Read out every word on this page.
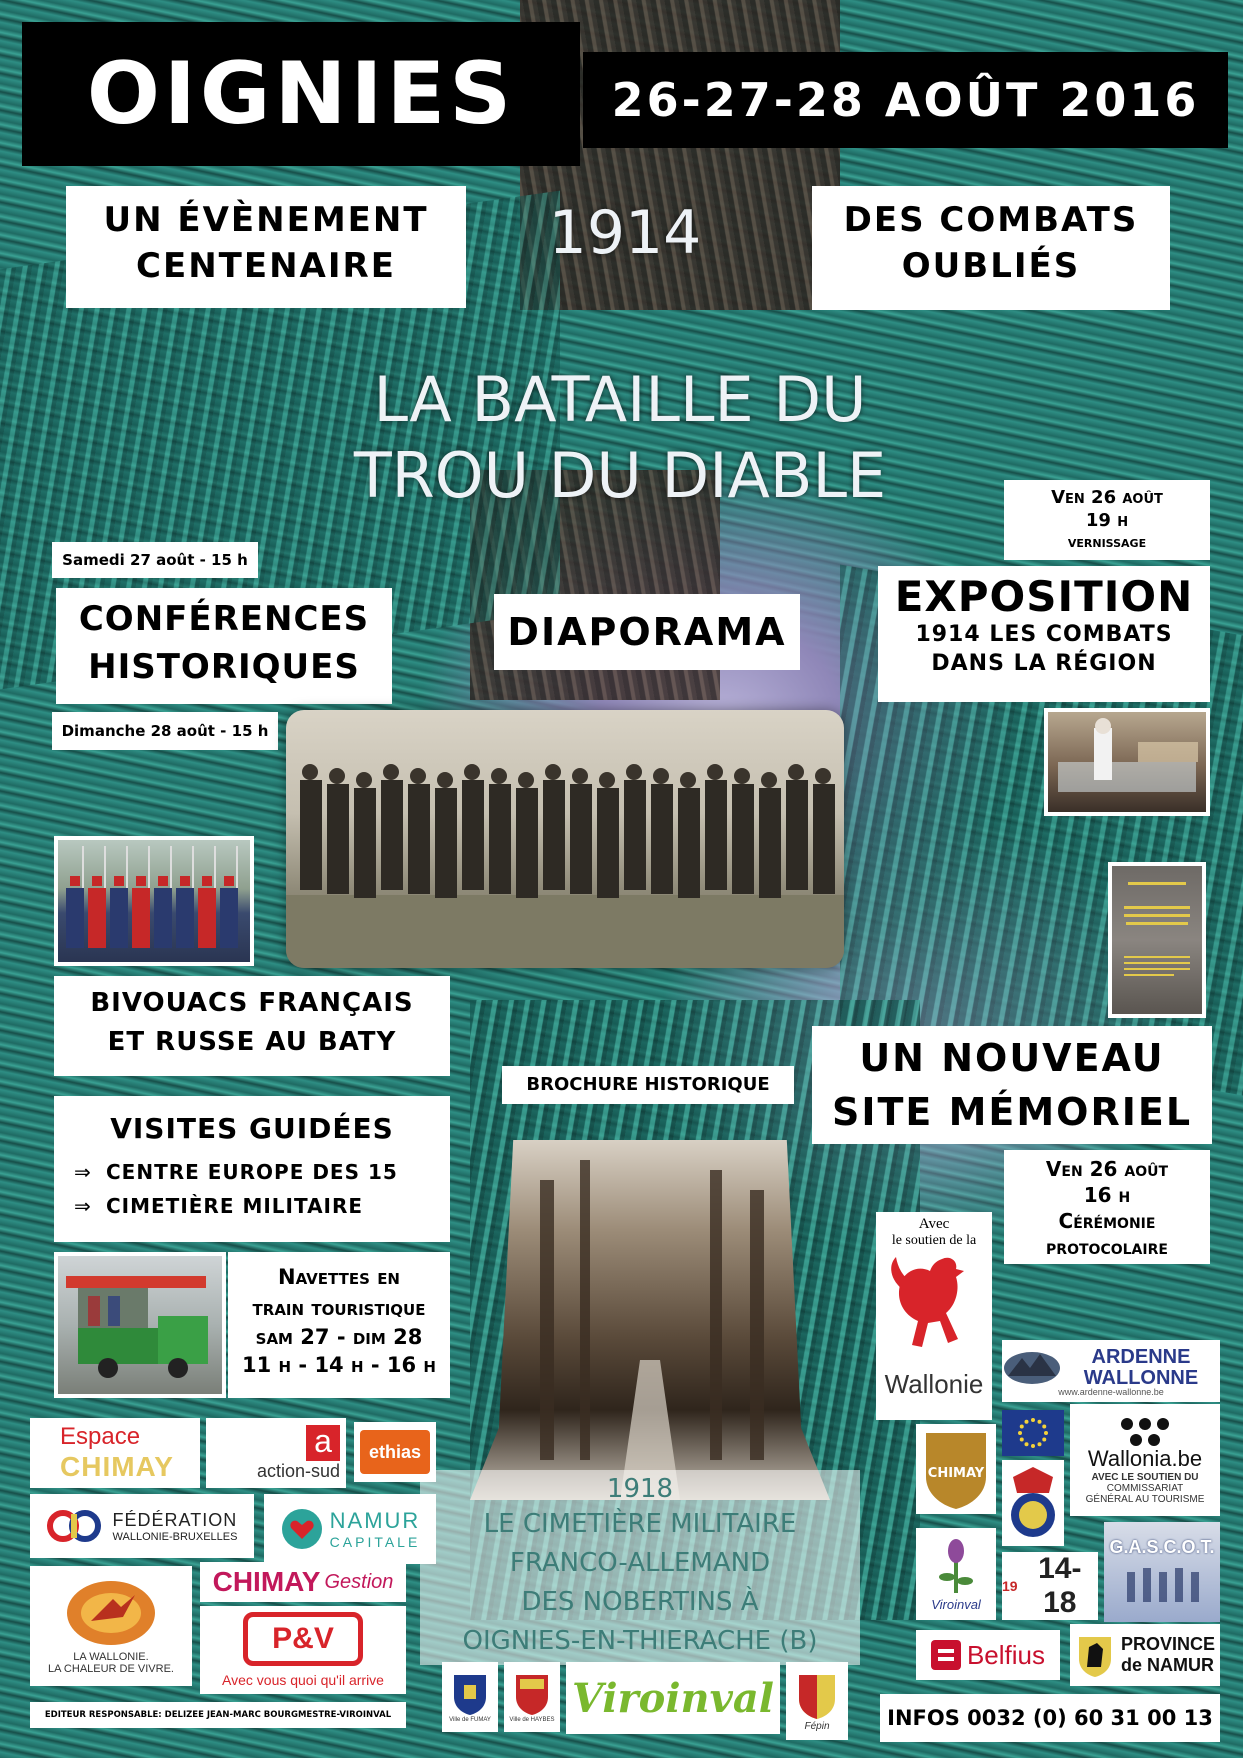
OIGNIES 26-27-28 AOÛT 2016
UN ÉVÈNEMENT
CENTENAIRE	1914	DES COMBATS
OUBLIÉS
LA BATAILLE DU
TROU DU DIABLE	Ven 26 août
19 h
vernissage
Samedi 27 août - 15 h
CONFÉRENCES
HISTORIQUES
Dimanche 28 août - 15 h
DIAPORAMA
EXPOSITION
1914 LES COMBATS
DANS LA RÉGION
BIVOUACS FRANÇAIS
ET RUSSE AU BATY
BROCHURE HISTORIQUE
UN NOUVEAU
SITE MÉMORIEL
Ven 26 août
16 h
Cérémonie
protocolaire
VISITES GUIDÉES
⇒ CENTRE EUROPE DES 15
⇒ CIMETIÈRE MILITAIRE
Navettes en
train touristique
sam 27 - dim 28
11 h - 14 h - 16 h
1918
LE CIMETIÈRE MILITAIRE
FRANCO-ALLEMAND
DES NOBERTINS À
OIGNIES-EN-THIERACHE (B)
Avec
le soutien de la
Wallonie
ARDENNE
WALLONNE
www.ardenne-wallonne.be
Wallonia.be
AVEC LE SOUTIEN DU
COMMISSARIAT
GÉNÉRAL AU TOURISME
CHIMAY
Espace
CHIMAY
a
action-sud
ethias
FÉDÉRATION
WALLONIE-BRUXELLES
NAMUR
CAPITALE
LA WALLONIE.
LA CHALEUR DE VIVRE.
CHIMAY Gestion
P&V
Avec vous quoi qu'il arrive
EDITEUR RESPONSABLE: DELIZEE JEAN-MARC BOURGMESTRE-VIROINVAL	Ville de FUMAY	Ville de HAYBES Viroinval
Fépin
Viroinval
19
14-18
G.A.S.C.O.T.
Belfius	PROVINCE
de NAMUR
INFOS 0032 (0) 60 31 00 13
